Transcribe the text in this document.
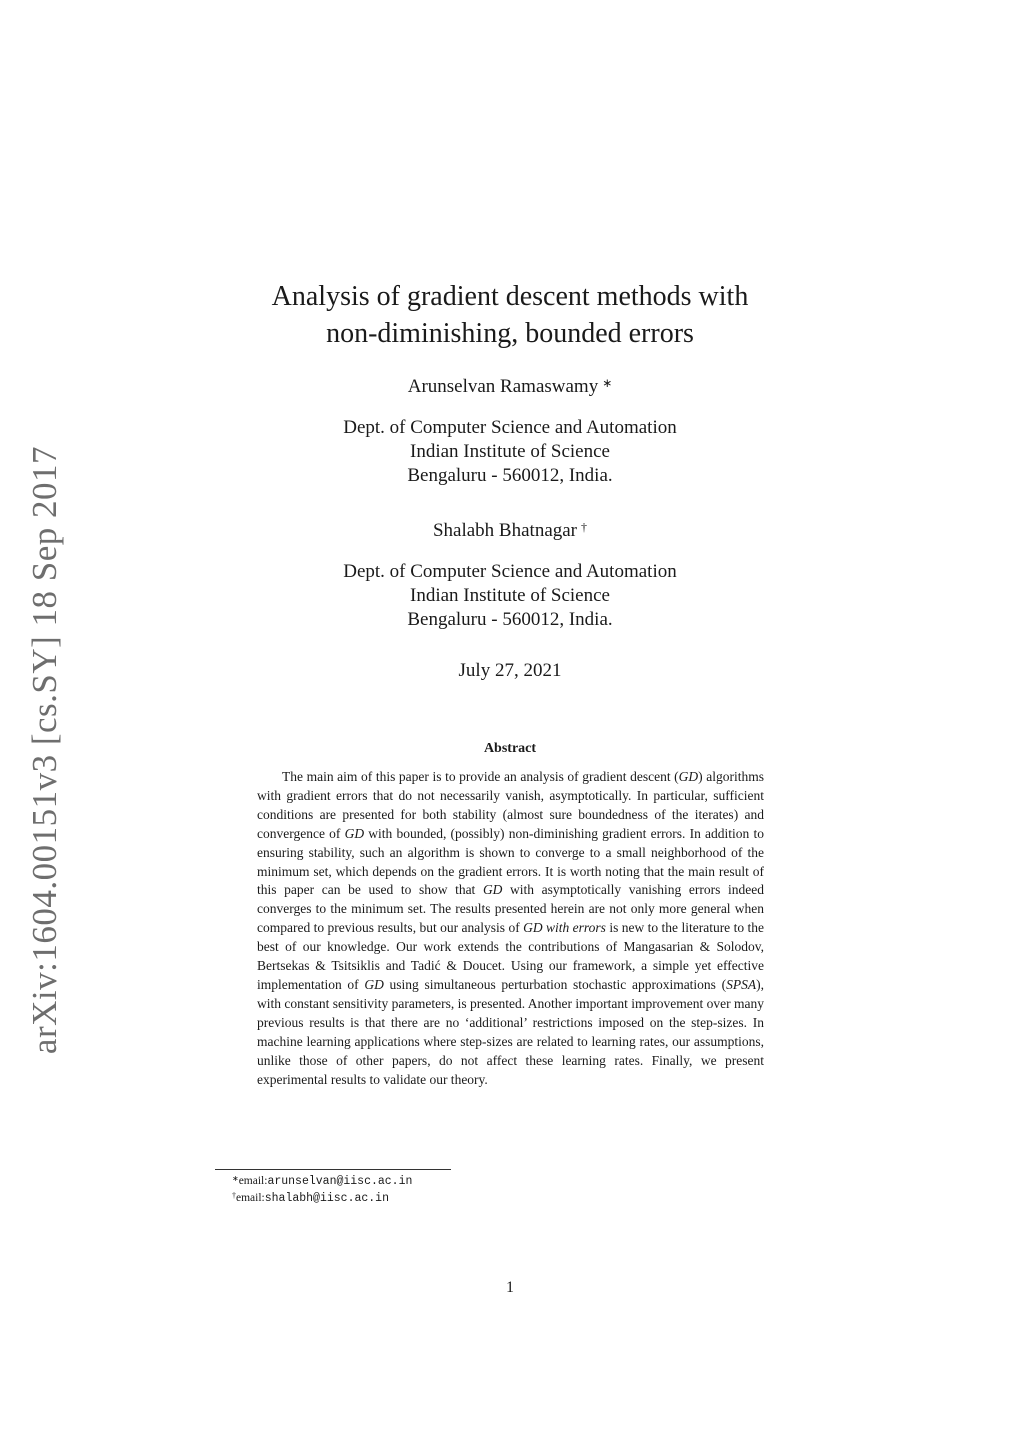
arXiv:1604.00151v3 [cs.SY] 18 Sep 2017
Analysis of gradient descent methods with
non-diminishing, bounded errors
Arunselvan Ramaswamy ∗
Dept. of Computer Science and Automation
Indian Institute of Science
Bengaluru - 560012, India.
Shalabh Bhatnagar †
Dept. of Computer Science and Automation
Indian Institute of Science
Bengaluru - 560012, India.
July 27, 2021
Abstract
The main aim of this paper is to provide an analysis of gradient descent (GD) algorithms with gradient errors that do not necessarily vanish, asymptotically. In particular, sufficient conditions are presented for both stability (almost sure boundedness of the iterates) and convergence of GD with bounded, (possibly) non-diminishing gradient errors. In addition to ensuring stability, such an algorithm is shown to converge to a small neighborhood of the minimum set, which depends on the gradient errors. It is worth noting that the main result of this paper can be used to show that GD with asymptotically vanishing errors indeed converges to the minimum set. The results presented herein are not only more general when compared to previous results, but our analysis of GD with errors is new to the literature to the best of our knowledge. Our work extends the contributions of Mangasarian & Solodov, Bertsekas & Tsitsiklis and Tadić & Doucet. Using our framework, a simple yet effective implementation of GD using simultaneous perturbation stochastic approximations (SPSA), with constant sensitivity parameters, is presented. Another important improvement over many previous results is that there are no ‘additional’ restrictions imposed on the step-sizes. In machine learning applications where step-sizes are related to learning rates, our assumptions, unlike those of other papers, do not affect these learning rates. Finally, we present experimental results to validate our theory.
∗email:arunselvan@iisc.ac.in
†email:shalabh@iisc.ac.in
1
